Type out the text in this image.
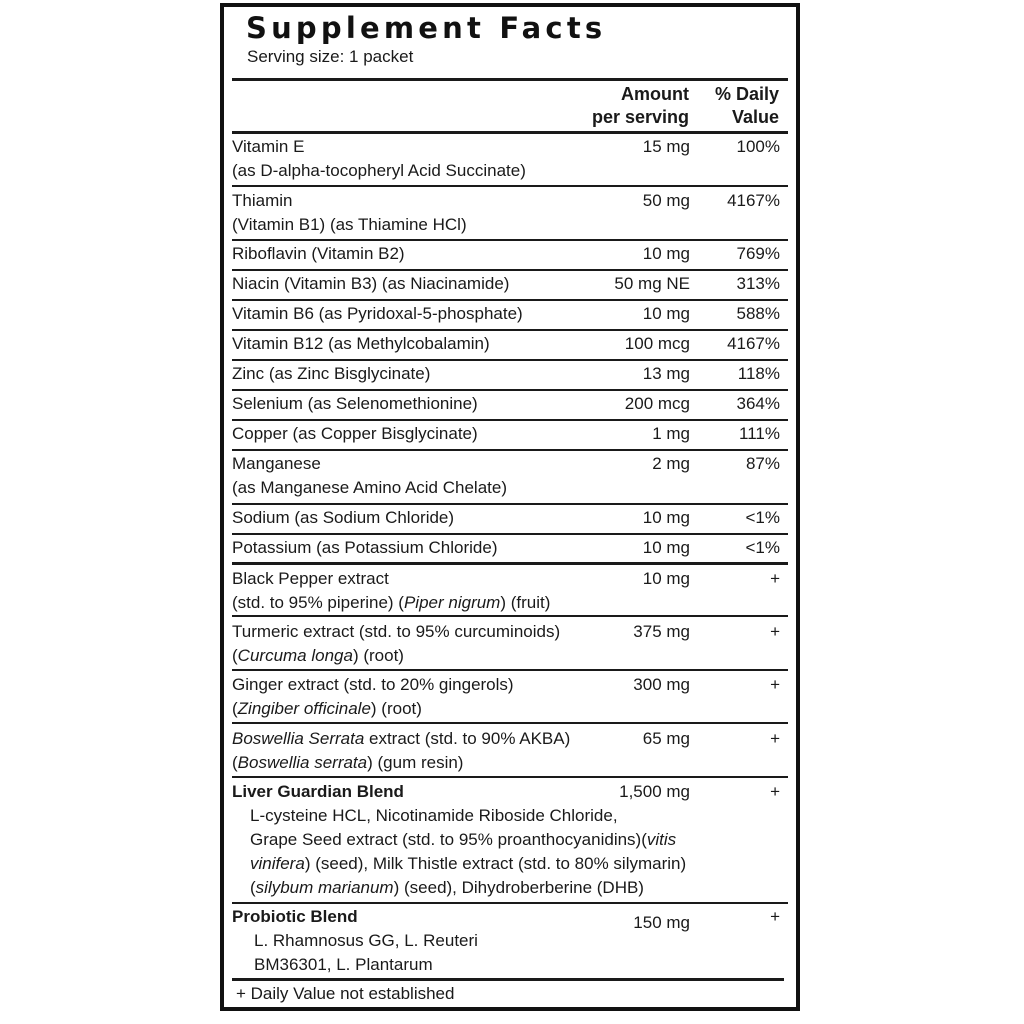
Supplement Facts
Serving size: 1 packet
Amount
per serving
% Daily
Value
Vitamin E
(as D-alpha-tocopheryl Acid Succinate)
15 mg	100%
Thiamin
(Vitamin B1) (as Thiamine HCl)
50 mg 4167%
Riboflavin (Vitamin B2)	10 mg	769%
Niacin (Vitamin B3) (as Niacinamide)	50 mg NE	313%
Vitamin B6 (as Pyridoxal-5-phosphate)	10 mg	588%
Vitamin B12 (as Methylcobalamin)	100 mcg 4167%
Zinc (as Zinc Bisglycinate)	13 mg	118%
Selenium (as Selenomethionine)	200 mcg	364%
Copper (as Copper Bisglycinate)	1 mg	111%
Manganese
(as Manganese Amino Acid Chelate)
2 mg	87%
Sodium (as Sodium Chloride)	10 mg	<1%
Potassium (as Potassium Chloride)	10 mg	<1%
Black Pepper extract
(std. to 95% piperine) (Piper nigrum) (fruit)
10 mg	+
Turmeric extract (std. to 95% curcuminoids)
(Curcuma longa) (root)
375 mg	+
Ginger extract (std. to 20% gingerols)
(Zingiber officinale) (root)
300 mg	+
Boswellia Serrata extract (std. to 90% AKBA)
(Boswellia serrata) (gum resin)
65 mg	+
Liver Guardian Blend
L-cysteine HCL, Nicotinamide Riboside Chloride,
Grape Seed extract (std. to 95% proanthocyanidins)(vitis
vinifera) (seed), Milk Thistle extract (std. to 80% silymarin)
(silybum marianum) (seed), Dihydroberberine (DHB)
1,500 mg	+
Probiotic Blend
L. Rhamnosus GG, L. Reuteri
BM36301, L. Plantarum
150 mg	+
+ Daily Value not established
